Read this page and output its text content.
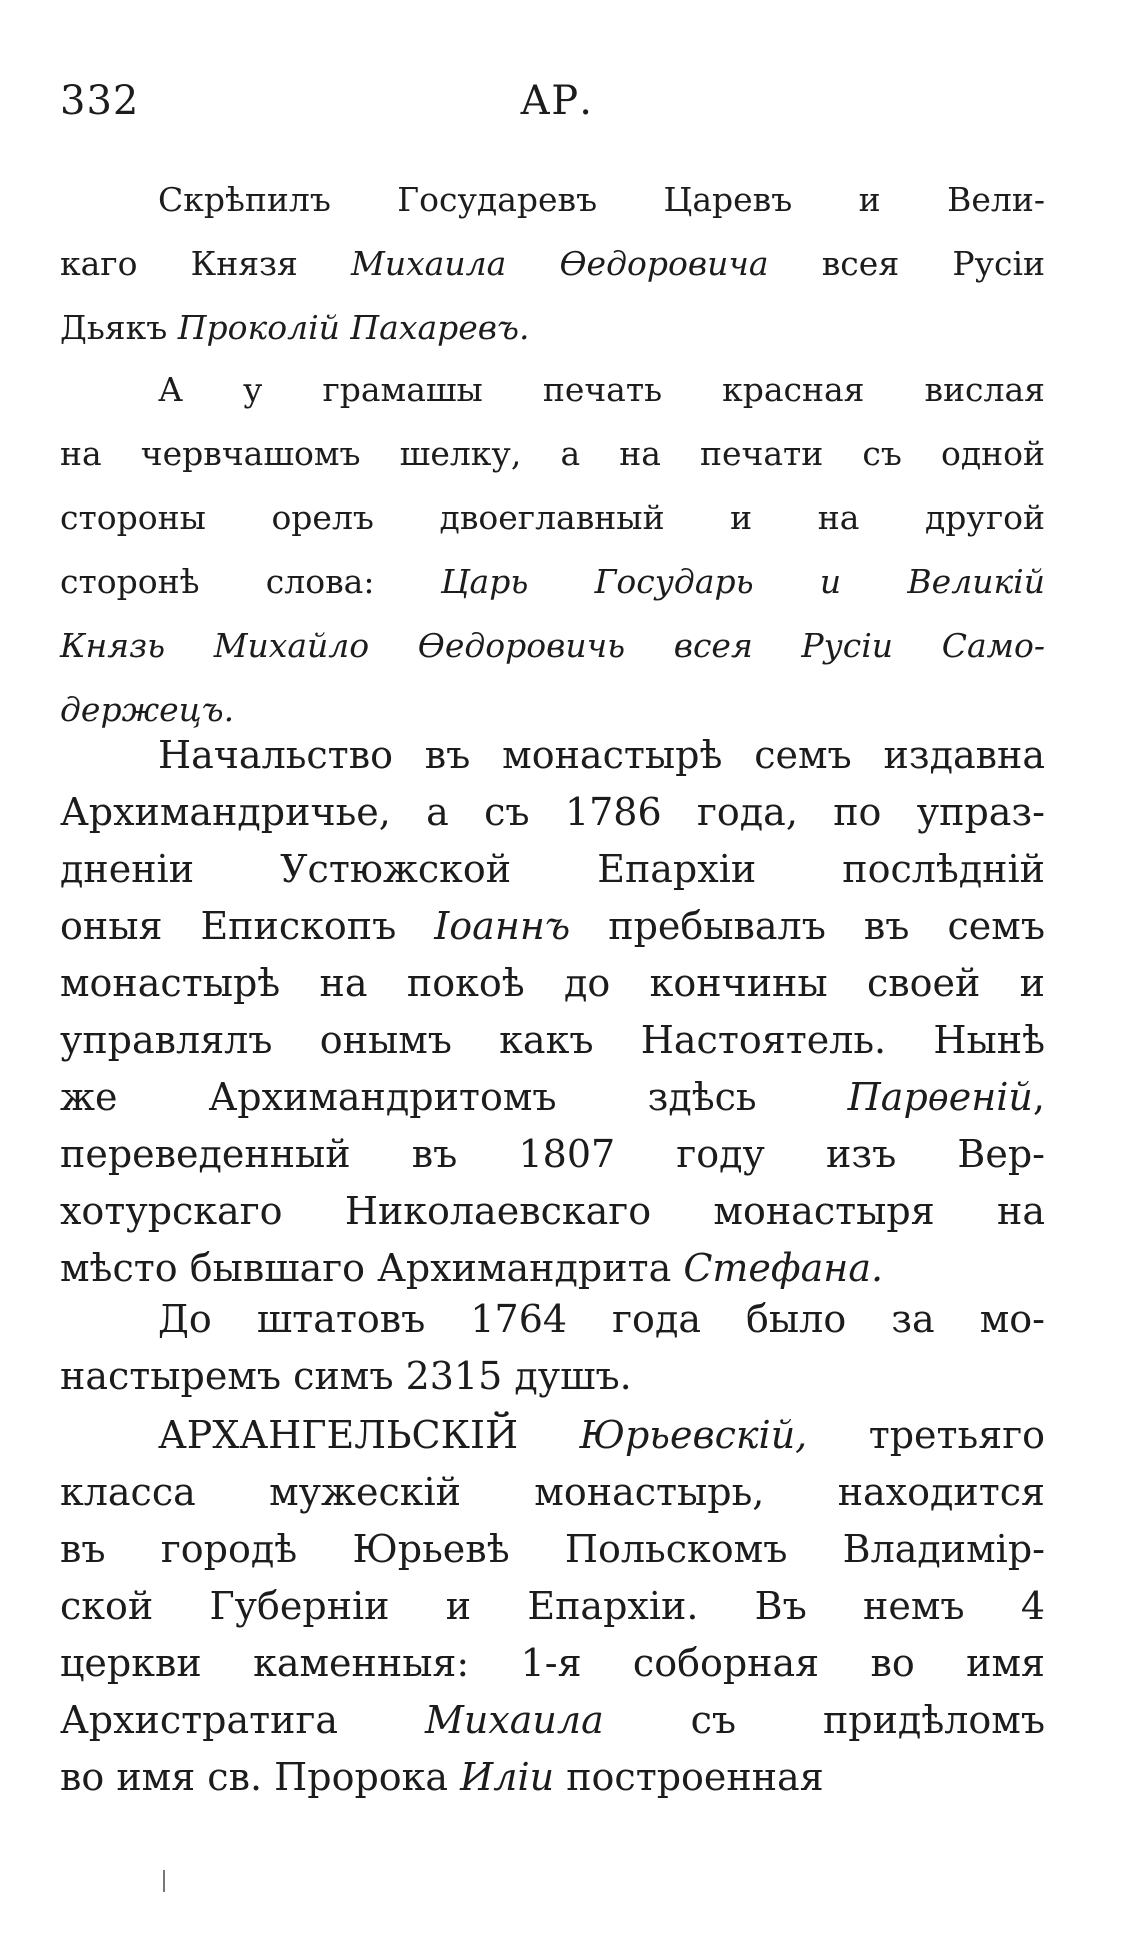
332	АР.
Скрѣпилъ Государевъ Царевъ и Вели-
каго Князя Михаила Ѳедоровича всея Русіи
Дьякъ Проколій Пахаревъ.
А у грамашы печать красная вислая
на червчашомъ шелку, а на печати съ одной
стороны орелъ двоеглавный и на другой
сторонѣ слова: Царь Государь и Великій
Князь Михайло Ѳедоровичь всея Русіи Само-
держецъ.
Начальство въ монастырѣ семъ издавна
Архимандричье, а съ 1786 года, по упраз-
дненіи Устюжской Епархіи послѣдній
оныя Епископъ Іоаннъ пребывалъ въ семъ
монастырѣ на покоѣ до кончины своей и
управлялъ онымъ какъ Настоятель. Нынѣ
же Архимандритомъ здѣсь Парѳеній,
переведенный въ 1807 году изъ Вер-
хотурскаго Николаевскаго монастыря на
мѣсто бывшаго Архимандрита Стефана.
До штатовъ 1764 года было за мо-
настыремъ симъ 2315 душъ.
АРХАНГЕЛЬСКІЙ Юрьевскій, третьяго
класса мужескій монастырь, находится
въ городѣ Юрьевѣ Польскомъ Владимір-
ской Губерніи и Епархіи. Въ немъ 4
церкви каменныя: 1-я соборная во имя
Архистратига Михаила съ придѣломъ
во имя св. Пророка Иліи построенная
